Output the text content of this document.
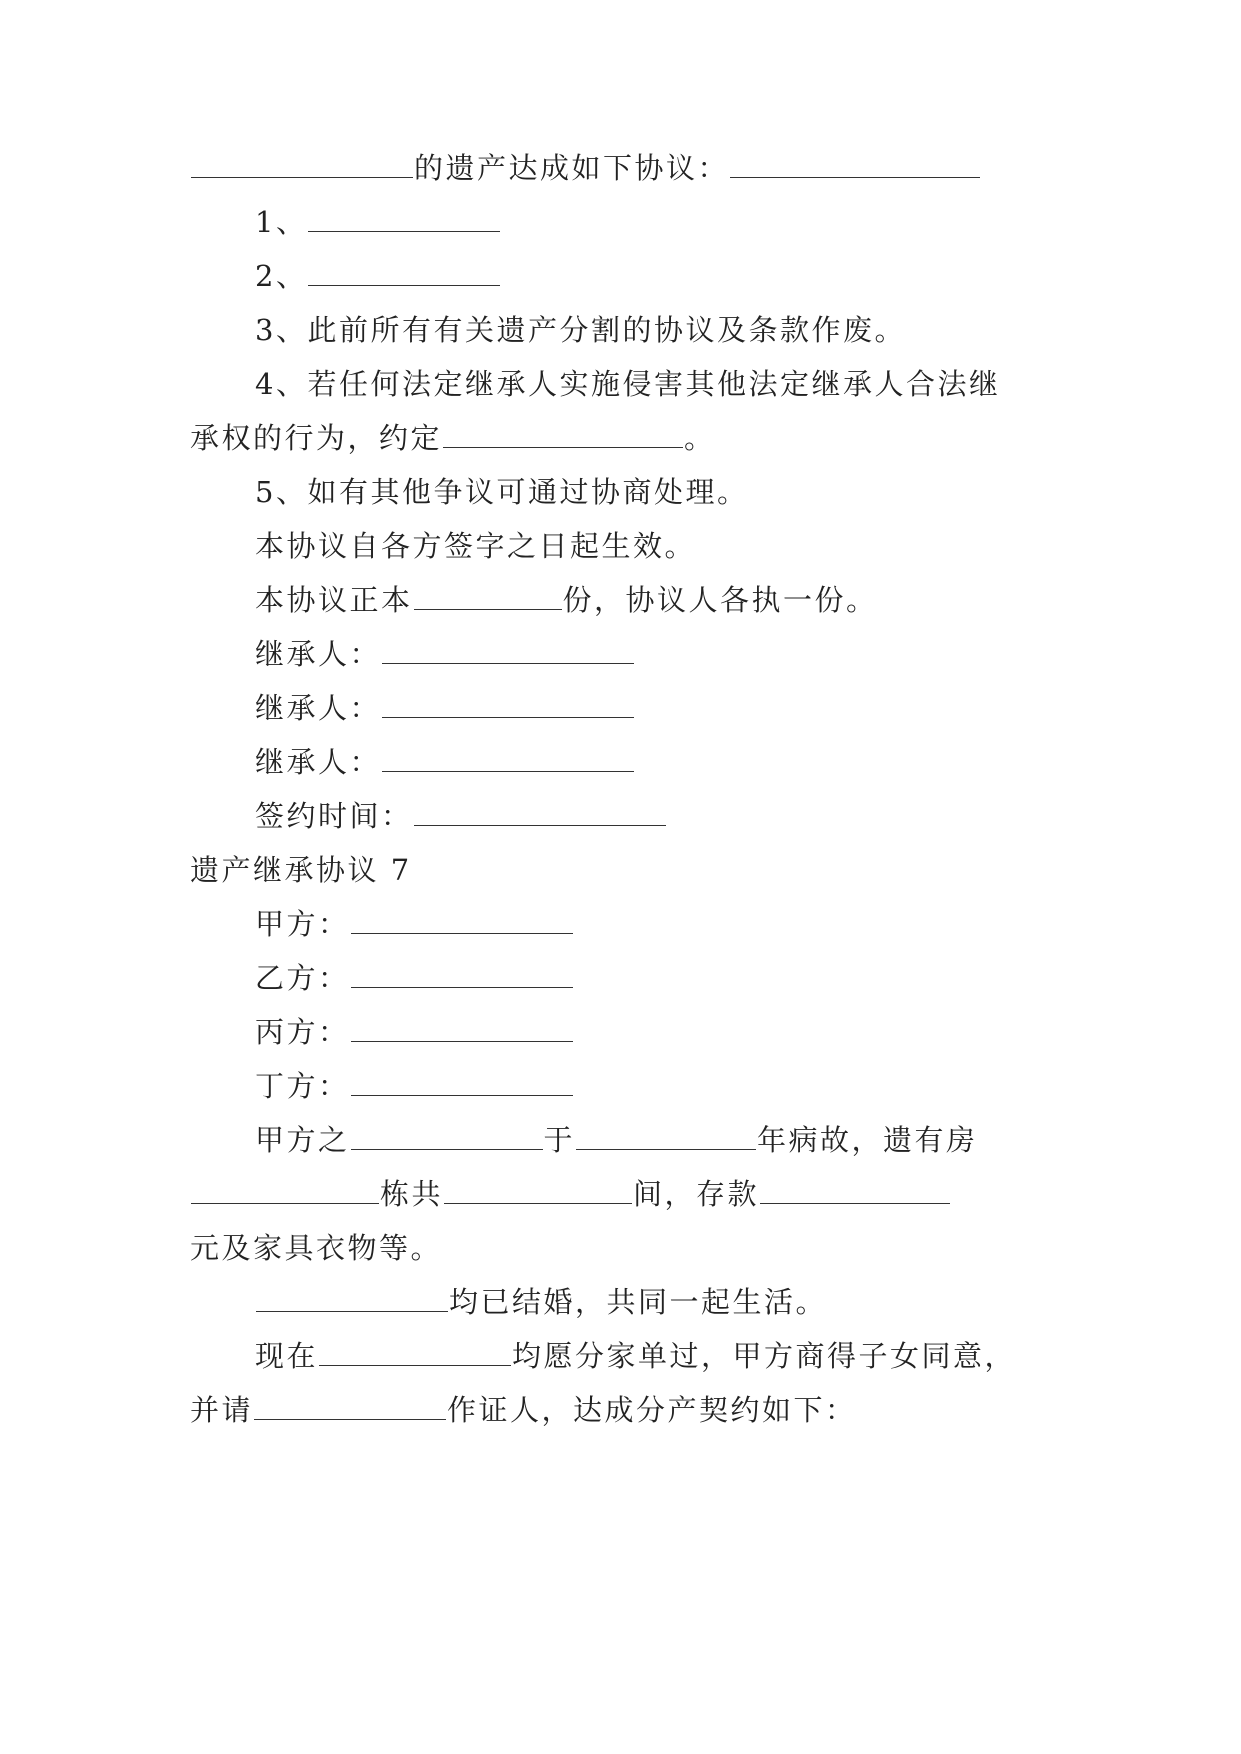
的遗产达成如下协议：
1、
2、
3、此前所有有关遗产分割的协议及条款作废。
4、若任何法定继承人实施侵害其他法定继承人合法继
承权的行为，约定	。
5、如有其他争议可通过协商处理。
本协议自各方签字之日起生效。
本协议正本	份，协议人各执一份。
继承人：
继承人：
继承人：
签约时间：
遗产继承协议 7
甲方：
乙方：
丙方：
丁方：
甲方之	于	年病故，遗有房
栋共	间，存款
元及家具衣物等。
均已结婚，共同一起生活。
现在	均愿分家单过，甲方商得子女同意，
并请	作证人，达成分产契约如下：
